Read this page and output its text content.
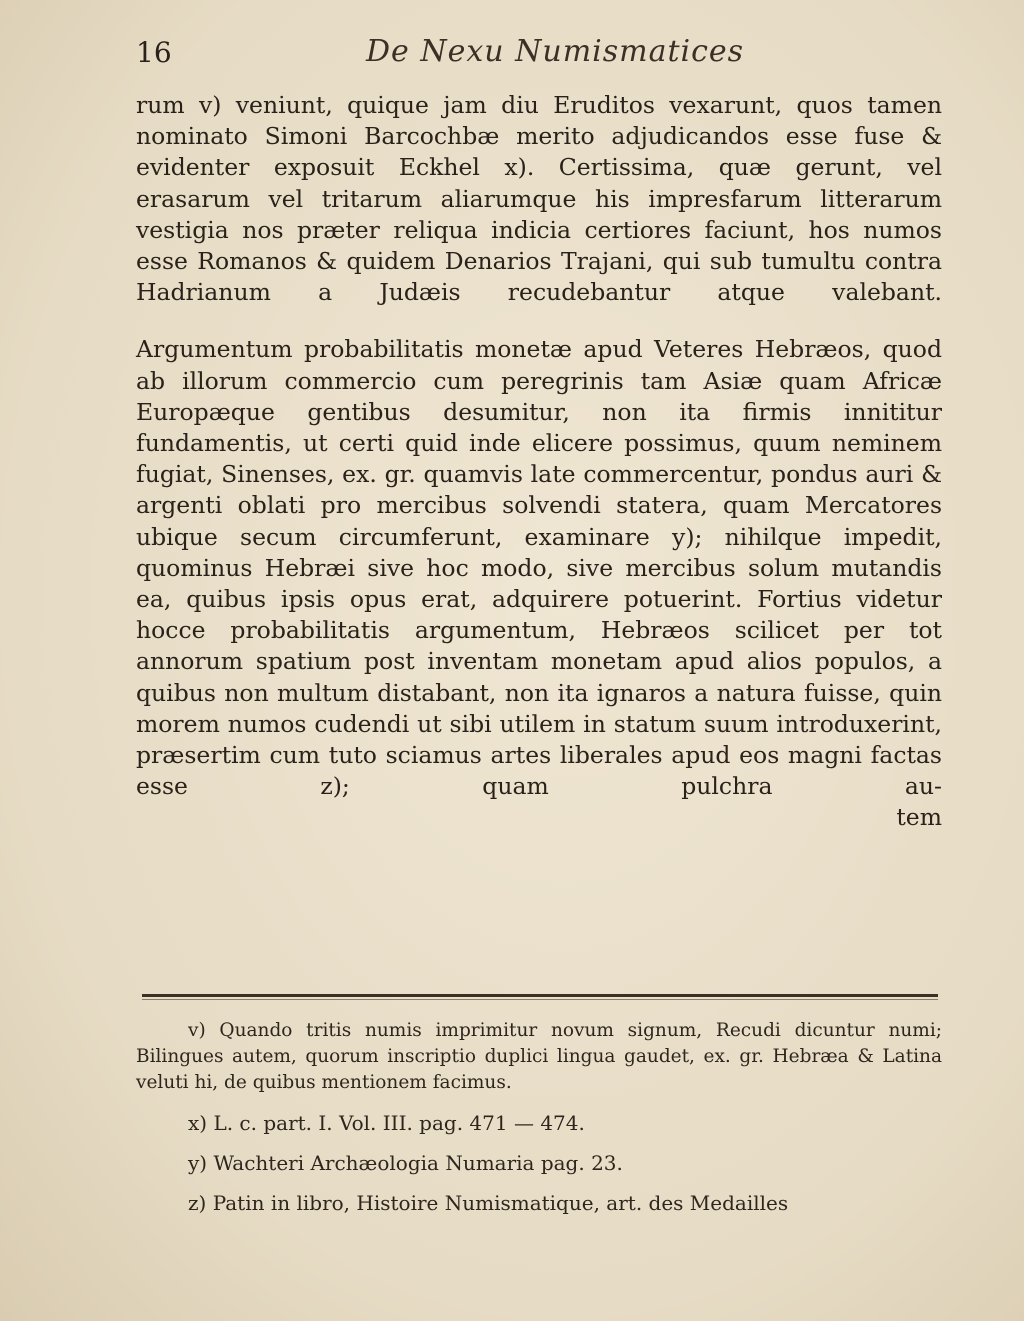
16	De Nexu Numismatices

rum v) veniunt, quique jam diu Eruditos vexarunt, quos tamen nominato Simoni Barcochbæ merito adjudicandos esse fuse & evidenter exposuit Eckhel x). Certissima, quæ gerunt, vel erasarum vel tritarum aliarumque his impresfarum litterarum vestigia nos præter reliqua indicia certiores faciunt, hos numos esse Romanos & quidem Denarios Trajani, qui sub tumultu contra Hadrianum a Judæis recudebantur atque valebant.

Argumentum probabilitatis monetæ apud Veteres Hebræos, quod ab illorum commercio cum peregrinis tam Asiæ quam Africæ Europæque gentibus desumitur, non ita firmis innititur fundamentis, ut certi quid inde elicere possimus, quum neminem fugiat, Sinenses, ex. gr. quamvis late commercentur, pondus auri & argenti oblati pro mercibus solvendi statera, quam Mercatores ubique secum circumferunt, examinare y); nihilque impedit, quominus Hebræi sive hoc modo, sive mercibus solum mutandis ea, quibus ipsis opus erat, adquirere potuerint. Fortius videtur hocce probabilitatis argumentum, Hebræos scilicet per tot annorum spatium post inventam monetam apud alios populos, a quibus non multum distabant, non ita ignaros a natura fuisse, quin morem numos cudendi ut sibi utilem in statum suum introduxerint, præsertim cum tuto sciamus artes liberales apud eos magni factas esse z); quam pulchra au-

tem

v) Quando tritis numis imprimitur novum signum, Recudi dicuntur numi; Bilingues autem, quorum inscriptio duplici lingua gaudet, ex. gr. Hebræa & Latina veluti hi, de quibus mentionem facimus.

x) L. c. part. I. Vol. III. pag. 471 — 474.

y) Wachteri Archæologia Numaria pag. 23.

z) Patin in libro, Histoire Numismatique, art. des Medailles
